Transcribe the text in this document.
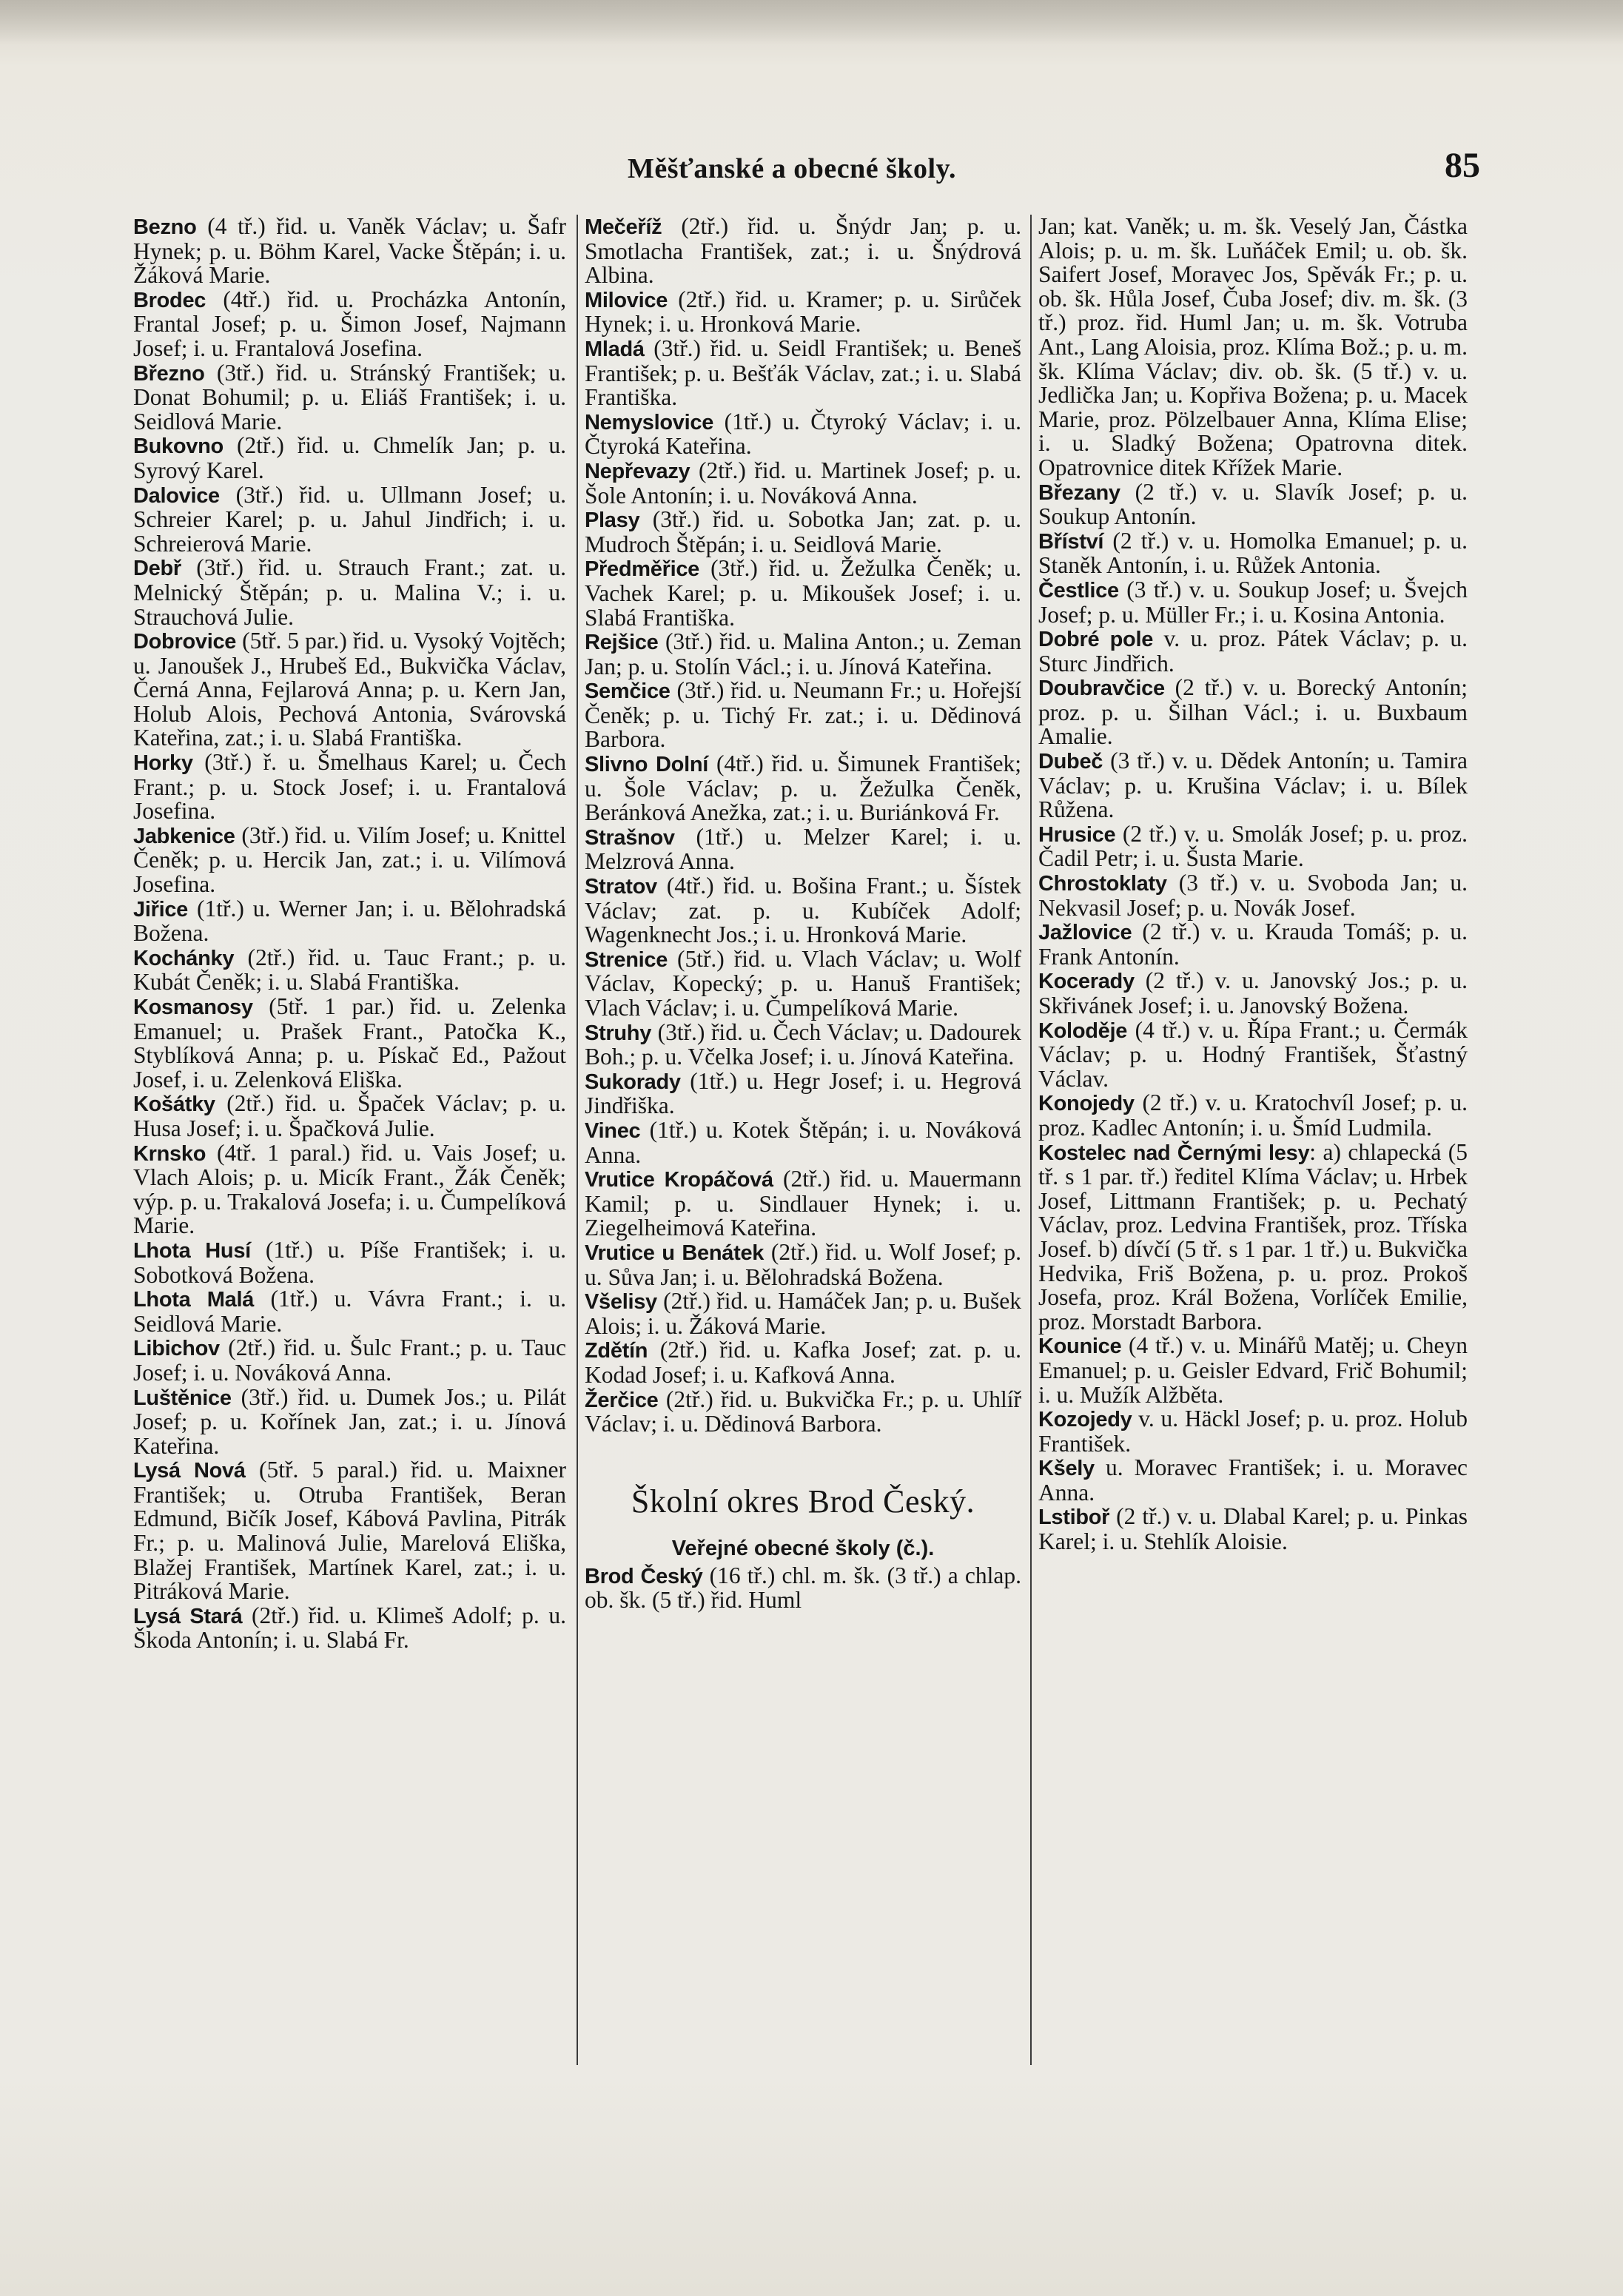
Měšťanské a obecné školy.	85

Bezno (4 tř.) řid. u. Vaněk Václav; u. Šafr Hynek; p. u. Böhm Karel, Vacke Štěpán; i. u. Žáková Marie.

Brodec (4tř.) řid. u. Procházka Antonín, Frantal Josef; p. u. Šimon Josef, Najmann Josef; i. u. Frantalová Josefina.

Březno (3tř.) řid. u. Stránský František; u. Donat Bohumil; p. u. Eliáš František; i. u. Seidlová Marie.

Bukovno (2tř.) řid. u. Chmelík Jan; p. u. Syrový Karel.

Dalovice (3tř.) řid. u. Ullmann Josef; u. Schreier Karel; p. u. Jahul Jindřich; i. u. Schreierová Marie.

Debř (3tř.) řid. u. Strauch Frant.; zat. u. Melnický Štěpán; p. u. Malina V.; i. u. Strauchová Julie.

Dobrovice (5tř. 5 par.) řid. u. Vysoký Vojtěch; u. Janoušek J., Hrubeš Ed., Bukvička Václav, Černá Anna, Fejlarová Anna; p. u. Kern Jan, Holub Alois, Pechová Antonia, Svárovská Kateřina, zat.; i. u. Slabá Františka.

Horky (3tř.) ř. u. Šmelhaus Karel; u. Čech Frant.; p. u. Stock Josef; i. u. Frantalová Josefina.

Jabkenice (3tř.) řid. u. Vilím Josef; u. Knittel Čeněk; p. u. Hercik Jan, zat.; i. u. Vilímová Josefina.

Jiřice (1tř.) u. Werner Jan; i. u. Bělohradská Božena.

Kochánky (2tř.) řid. u. Tauc Frant.; p. u. Kubát Čeněk; i. u. Slabá Františka.

Kosmanosy (5tř. 1 par.) řid. u. Zelenka Emanuel; u. Prašek Frant., Patočka K., Styblíková Anna; p. u. Pískač Ed., Pažout Josef, i. u. Zelenková Eliška.

Košátky (2tř.) řid. u. Špaček Václav; p. u. Husa Josef; i. u. Špačková Julie.

Krnsko (4tř. 1 paral.) řid. u. Vais Josef; u. Vlach Alois; p. u. Micík Frant., Žák Čeněk; výp. p. u. Trakalová Josefa; i. u. Čumpelíková Marie.

Lhota Husí (1tř.) u. Píše František; i. u. Sobotková Božena.

Lhota Malá (1tř.) u. Vávra Frant.; i. u. Seidlová Marie.

Libichov (2tř.) řid. u. Šulc Frant.; p. u. Tauc Josef; i. u. Nováková Anna.

Luštěnice (3tř.) řid. u. Dumek Jos.; u. Pilát Josef; p. u. Kořínek Jan, zat.; i. u. Jínová Kateřina.

Lysá Nová (5tř. 5 paral.) řid. u. Maixner František; u. Otruba František, Beran Edmund, Bičík Josef, Kábová Pavlina, Pitrák Fr.; p. u. Malinová Julie, Marelová Eliška, Blažej František, Martínek Karel, zat.; i. u. Pitráková Marie.

Lysá Stará (2tř.) řid. u. Klimeš Adolf; p. u. Škoda Antonín; i. u. Slabá Fr.

Mečeříž (2tř.) řid. u. Šnýdr Jan; p. u. Smotlacha František, zat.; i. u. Šnýdrová Albina.

Milovice (2tř.) řid. u. Kramer; p. u. Sirůček Hynek; i. u. Hronková Marie.

Mladá (3tř.) řid. u. Seidl František; u. Beneš František; p. u. Bešťák Václav, zat.; i. u. Slabá Františka.

Nemyslovice (1tř.) u. Čtyroký Václav; i. u. Čtyroká Kateřina.

Nepřevazy (2tř.) řid. u. Martinek Josef; p. u. Šole Antonín; i. u. Nováková Anna.

Plasy (3tř.) řid. u. Sobotka Jan; zat. p. u. Mudroch Štěpán; i. u. Seidlová Marie.

Předměřice (3tř.) řid. u. Žežulka Čeněk; u. Vachek Karel; p. u. Mikoušek Josef; i. u. Slabá Františka.

Rejšice (3tř.) řid. u. Malina Anton.; u. Zeman Jan; p. u. Stolín Václ.; i. u. Jínová Kateřina.

Semčice (3tř.) řid. u. Neumann Fr.; u. Hořejší Čeněk; p. u. Tichý Fr. zat.; i. u. Dědinová Barbora.

Slivno Dolní (4tř.) řid. u. Šimunek František; u. Šole Václav; p. u. Žežulka Čeněk, Beránková Anežka, zat.; i. u. Buriánková Fr.

Strašnov (1tř.) u. Melzer Karel; i. u. Melzrová Anna.

Stratov (4tř.) řid. u. Bošina Frant.; u. Šístek Václav; zat. p. u. Kubíček Adolf; Wagenknecht Jos.; i. u. Hronková Marie.

Strenice (5tř.) řid. u. Vlach Václav; u. Wolf Václav, Kopecký; p. u. Hanuš František; Vlach Václav; i. u. Čumpelíková Marie.

Struhy (3tř.) řid. u. Čech Václav; u. Dadourek Boh.; p. u. Včelka Josef; i. u. Jínová Kateřina.

Sukorady (1tř.) u. Hegr Josef; i. u. Hegrová Jindřiška.

Vinec (1tř.) u. Kotek Štěpán; i. u. Nováková Anna.

Vrutice Kropáčová (2tř.) řid. u. Mauermann Kamil; p. u. Sindlauer Hynek; i. u. Ziegelheimová Kateřina.

Vrutice u Benátek (2tř.) řid. u. Wolf Josef; p. u. Sůva Jan; i. u. Bělohradská Božena.

Všelisy (2tř.) řid. u. Hamáček Jan; p. u. Bušek Alois; i. u. Žáková Marie.

Zdětín (2tř.) řid. u. Kafka Josef; zat. p. u. Kodad Josef; i. u. Kafková Anna.

Žerčice (2tř.) řid. u. Bukvička Fr.; p. u. Uhlíř Václav; i. u. Dědinová Barbora.

Školní okres Brod Český.
Veřejné obecné školy (č.).

Brod Český (16 tř.) chl. m. šk. (3 tř.) a chlap. ob. šk. (5 tř.) řid. Huml

Jan; kat. Vaněk; u. m. šk. Veselý Jan, Částka Alois; p. u. m. šk. Luňáček Emil; u. ob. šk. Saifert Josef, Moravec Jos, Spěvák Fr.; p. u. ob. šk. Hůla Josef, Čuba Josef; div. m. šk. (3 tř.) proz. řid. Huml Jan; u. m. šk. Votruba Ant., Lang Aloisia, proz. Klíma Bož.; p. u. m. šk. Klíma Václav; div. ob. šk. (5 tř.) v. u. Jedlička Jan; u. Kopřiva Božena; p. u. Macek Marie, proz. Pölzelbauer Anna, Klíma Elise; i. u. Sladký Božena; Opatrovna ditek. Opatrovnice ditek Křížek Marie.

Březany (2 tř.) v. u. Slavík Josef; p. u. Soukup Antonín.

Bříství (2 tř.) v. u. Homolka Emanuel; p. u. Staněk Antonín, i. u. Růžek Antonia.

Čestlice (3 tř.) v. u. Soukup Josef; u. Švejch Josef; p. u. Müller Fr.; i. u. Kosina Antonia.

Dobré pole v. u. proz. Pátek Václav; p. u. Sturc Jindřich.

Doubravčice (2 tř.) v. u. Borecký Antonín; proz. p. u. Šilhan Václ.; i. u. Buxbaum Amalie.

Dubeč (3 tř.) v. u. Dědek Antonín; u. Tamira Václav; p. u. Krušina Václav; i. u. Bílek Růžena.

Hrusice (2 tř.) v. u. Smolák Josef; p. u. proz. Čadil Petr; i. u. Šusta Marie.

Chrostoklaty (3 tř.) v. u. Svoboda Jan; u. Nekvasil Josef; p. u. Novák Josef.

Jažlovice (2 tř.) v. u. Krauda Tomáš; p. u. Frank Antonín.

Kocerady (2 tř.) v. u. Janovský Jos.; p. u. Skřivánek Josef; i. u. Janovský Božena.

Koloděje (4 tř.) v. u. Řípa Frant.; u. Čermák Václav; p. u. Hodný František, Šťastný Václav.

Konojedy (2 tř.) v. u. Kratochvíl Josef; p. u. proz. Kadlec Antonín; i. u. Šmíd Ludmila.

Kostelec nad Černými lesy: a) chlapecká (5 tř. s 1 par. tř.) ředitel Klíma Václav; u. Hrbek Josef, Littmann František; p. u. Pechatý Václav, proz. Ledvina František, proz. Tříska Josef. b) dívčí (5 tř. s 1 par. 1 tř.) u. Bukvička Hedvika, Friš Božena, p. u. proz. Prokoš Josefa, proz. Král Božena, Vorlíček Emilie, proz. Morstadt Barbora.

Kounice (4 tř.) v. u. Minářů Matěj; u. Cheyn Emanuel; p. u. Geisler Edvard, Frič Bohumil; i. u. Mužík Alžběta.

Kozojedy v. u. Häckl Josef; p. u. proz. Holub František.

Kšely u. Moravec František; i. u. Moravec Anna.

Lstiboř (2 tř.) v. u. Dlabal Karel; p. u. Pinkas Karel; i. u. Stehlík Aloisie.
